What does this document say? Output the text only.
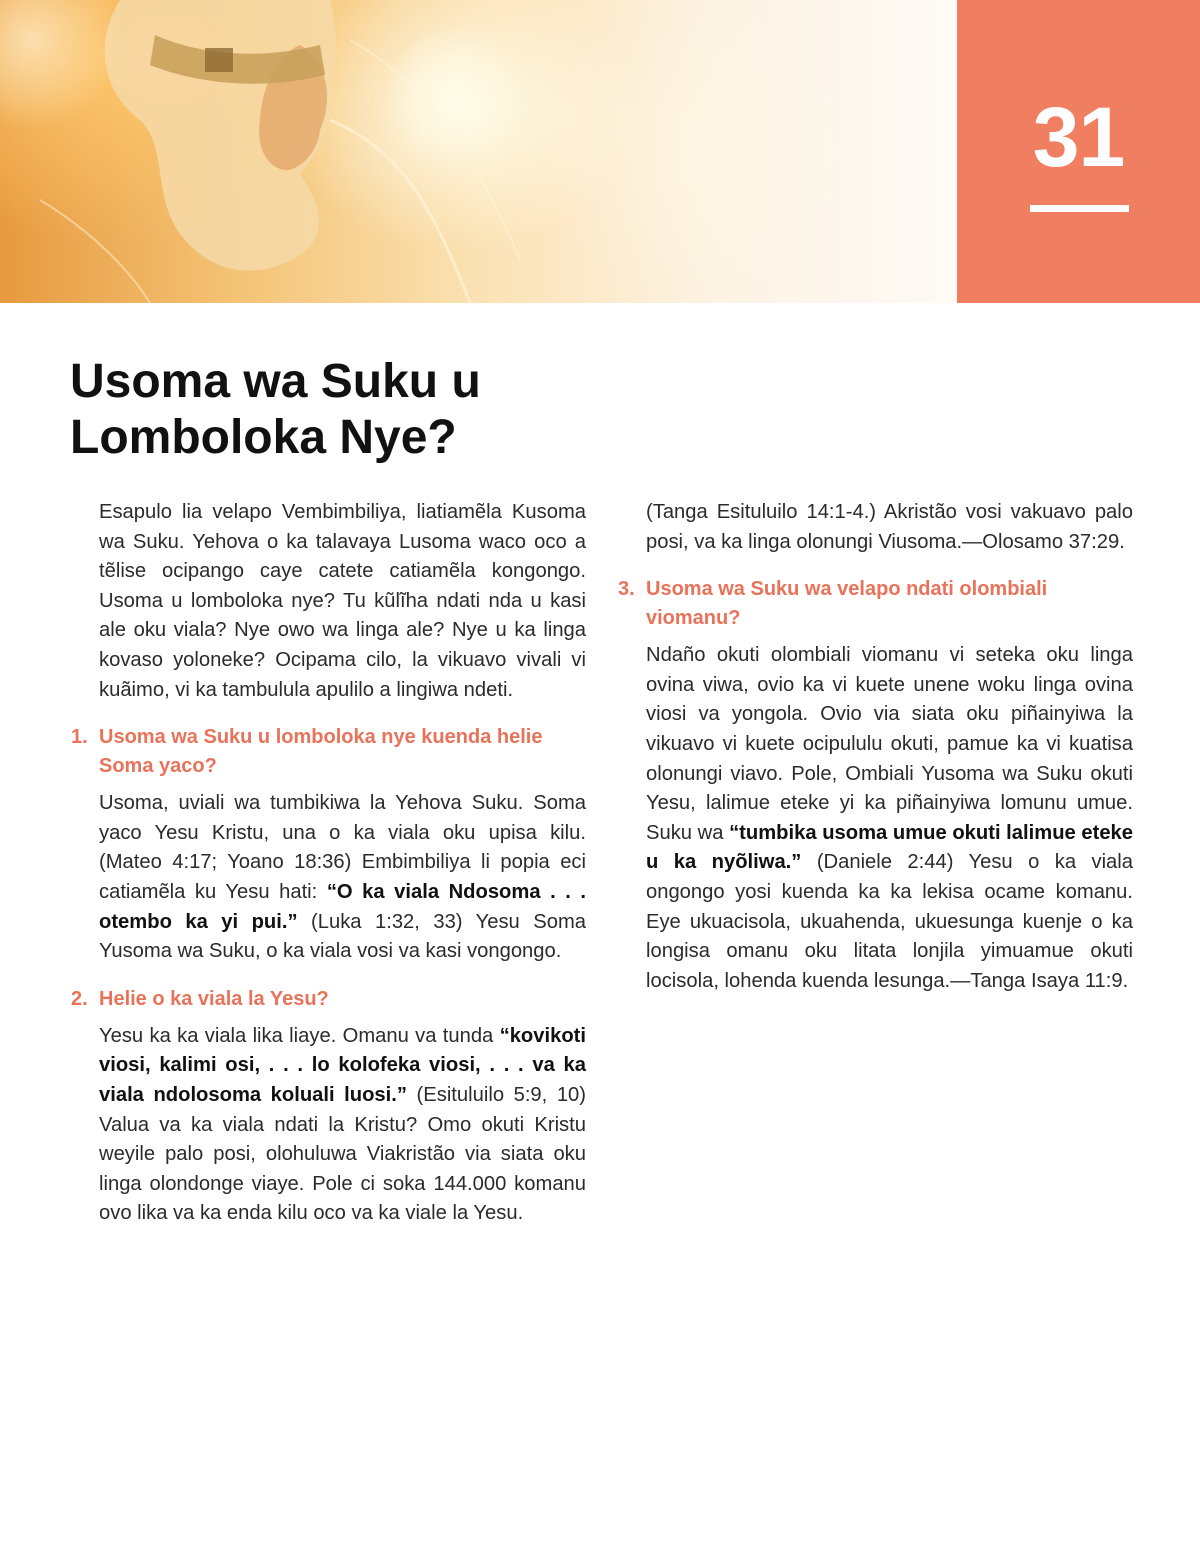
31
Usoma wa Suku u
Lomboloka Nye?

Esapulo lia velapo Vembimbiliya, liatiamẽla Kusoma wa Suku. Yehova o ka talavaya Lusoma waco oco a tẽlise ocipango caye catete catiamẽla kongongo. Usoma u lomboloka nye? Tu kũlĩha ndati nda u kasi ale oku viala? Nye owo wa linga ale? Nye u ka linga kovaso yoloneke? Ocipama cilo, la vikuavo vivali vi kuãimo, vi ka tambulula apulilo a lingiwa ndeti.

1. Usoma wa Suku u lomboloka nye kuenda helie Soma yaco?

Usoma, uviali wa tumbikiwa la Yehova Suku. Soma yaco Yesu Kristu, una o ka viala oku upisa kilu. (Mateo 4:17; Yoano 18:36) Embimbiliya li popia eci catiamẽla ku Yesu hati: “O ka viala Ndosoma . . . otembo ka yi pui.” (Luka 1:32, 33) Yesu Soma Yusoma wa Suku, o ka viala vosi va kasi vongongo.

2. Helie o ka viala la Yesu?

Yesu ka ka viala lika liaye. Omanu va tunda “kovikoti viosi, kalimi osi, . . . lo kolofeka viosi, . . . va ka viala ndolosoma koluali luosi.” (Esituluilo 5:9, 10) Valua va ka viala ndati la Kristu? Omo okuti Kristu weyile palo posi, olohuluwa Viakristão via siata oku linga olondonge viaye. Pole ci soka 144.000 komanu ovo lika va ka enda kilu oco va ka viale la Yesu.

(Tanga Esituluilo 14:1-4.) Akristão vosi vakuavo palo posi, va ka linga olonungi Viusoma.—Olosamo 37:29.

3. Usoma wa Suku wa velapo ndati olombiali viomanu?

Ndaño okuti olombiali viomanu vi seteka oku linga ovina viwa, ovio ka vi kuete unene woku linga ovina viosi va yongola. Ovio via siata oku piñainyiwa la vikuavo vi kuete ocipululu okuti, pamue ka vi kuatisa olonungi viavo. Pole, Ombiali Yusoma wa Suku okuti Yesu, lalimue eteke yi ka piñainyiwa lomunu umue. Suku wa “tumbika usoma umue okuti lalimue eteke u ka nyõliwa.” (Daniele 2:44) Yesu o ka viala ongongo yosi kuenda ka ka lekisa ocame komanu. Eye ukuacisola, ukuahenda, ukuesunga kuenje o ka longisa omanu oku litata lonjila yimuamue okuti locisola, lohenda kuenda lesunga.—Tanga Isaya 11:9.
